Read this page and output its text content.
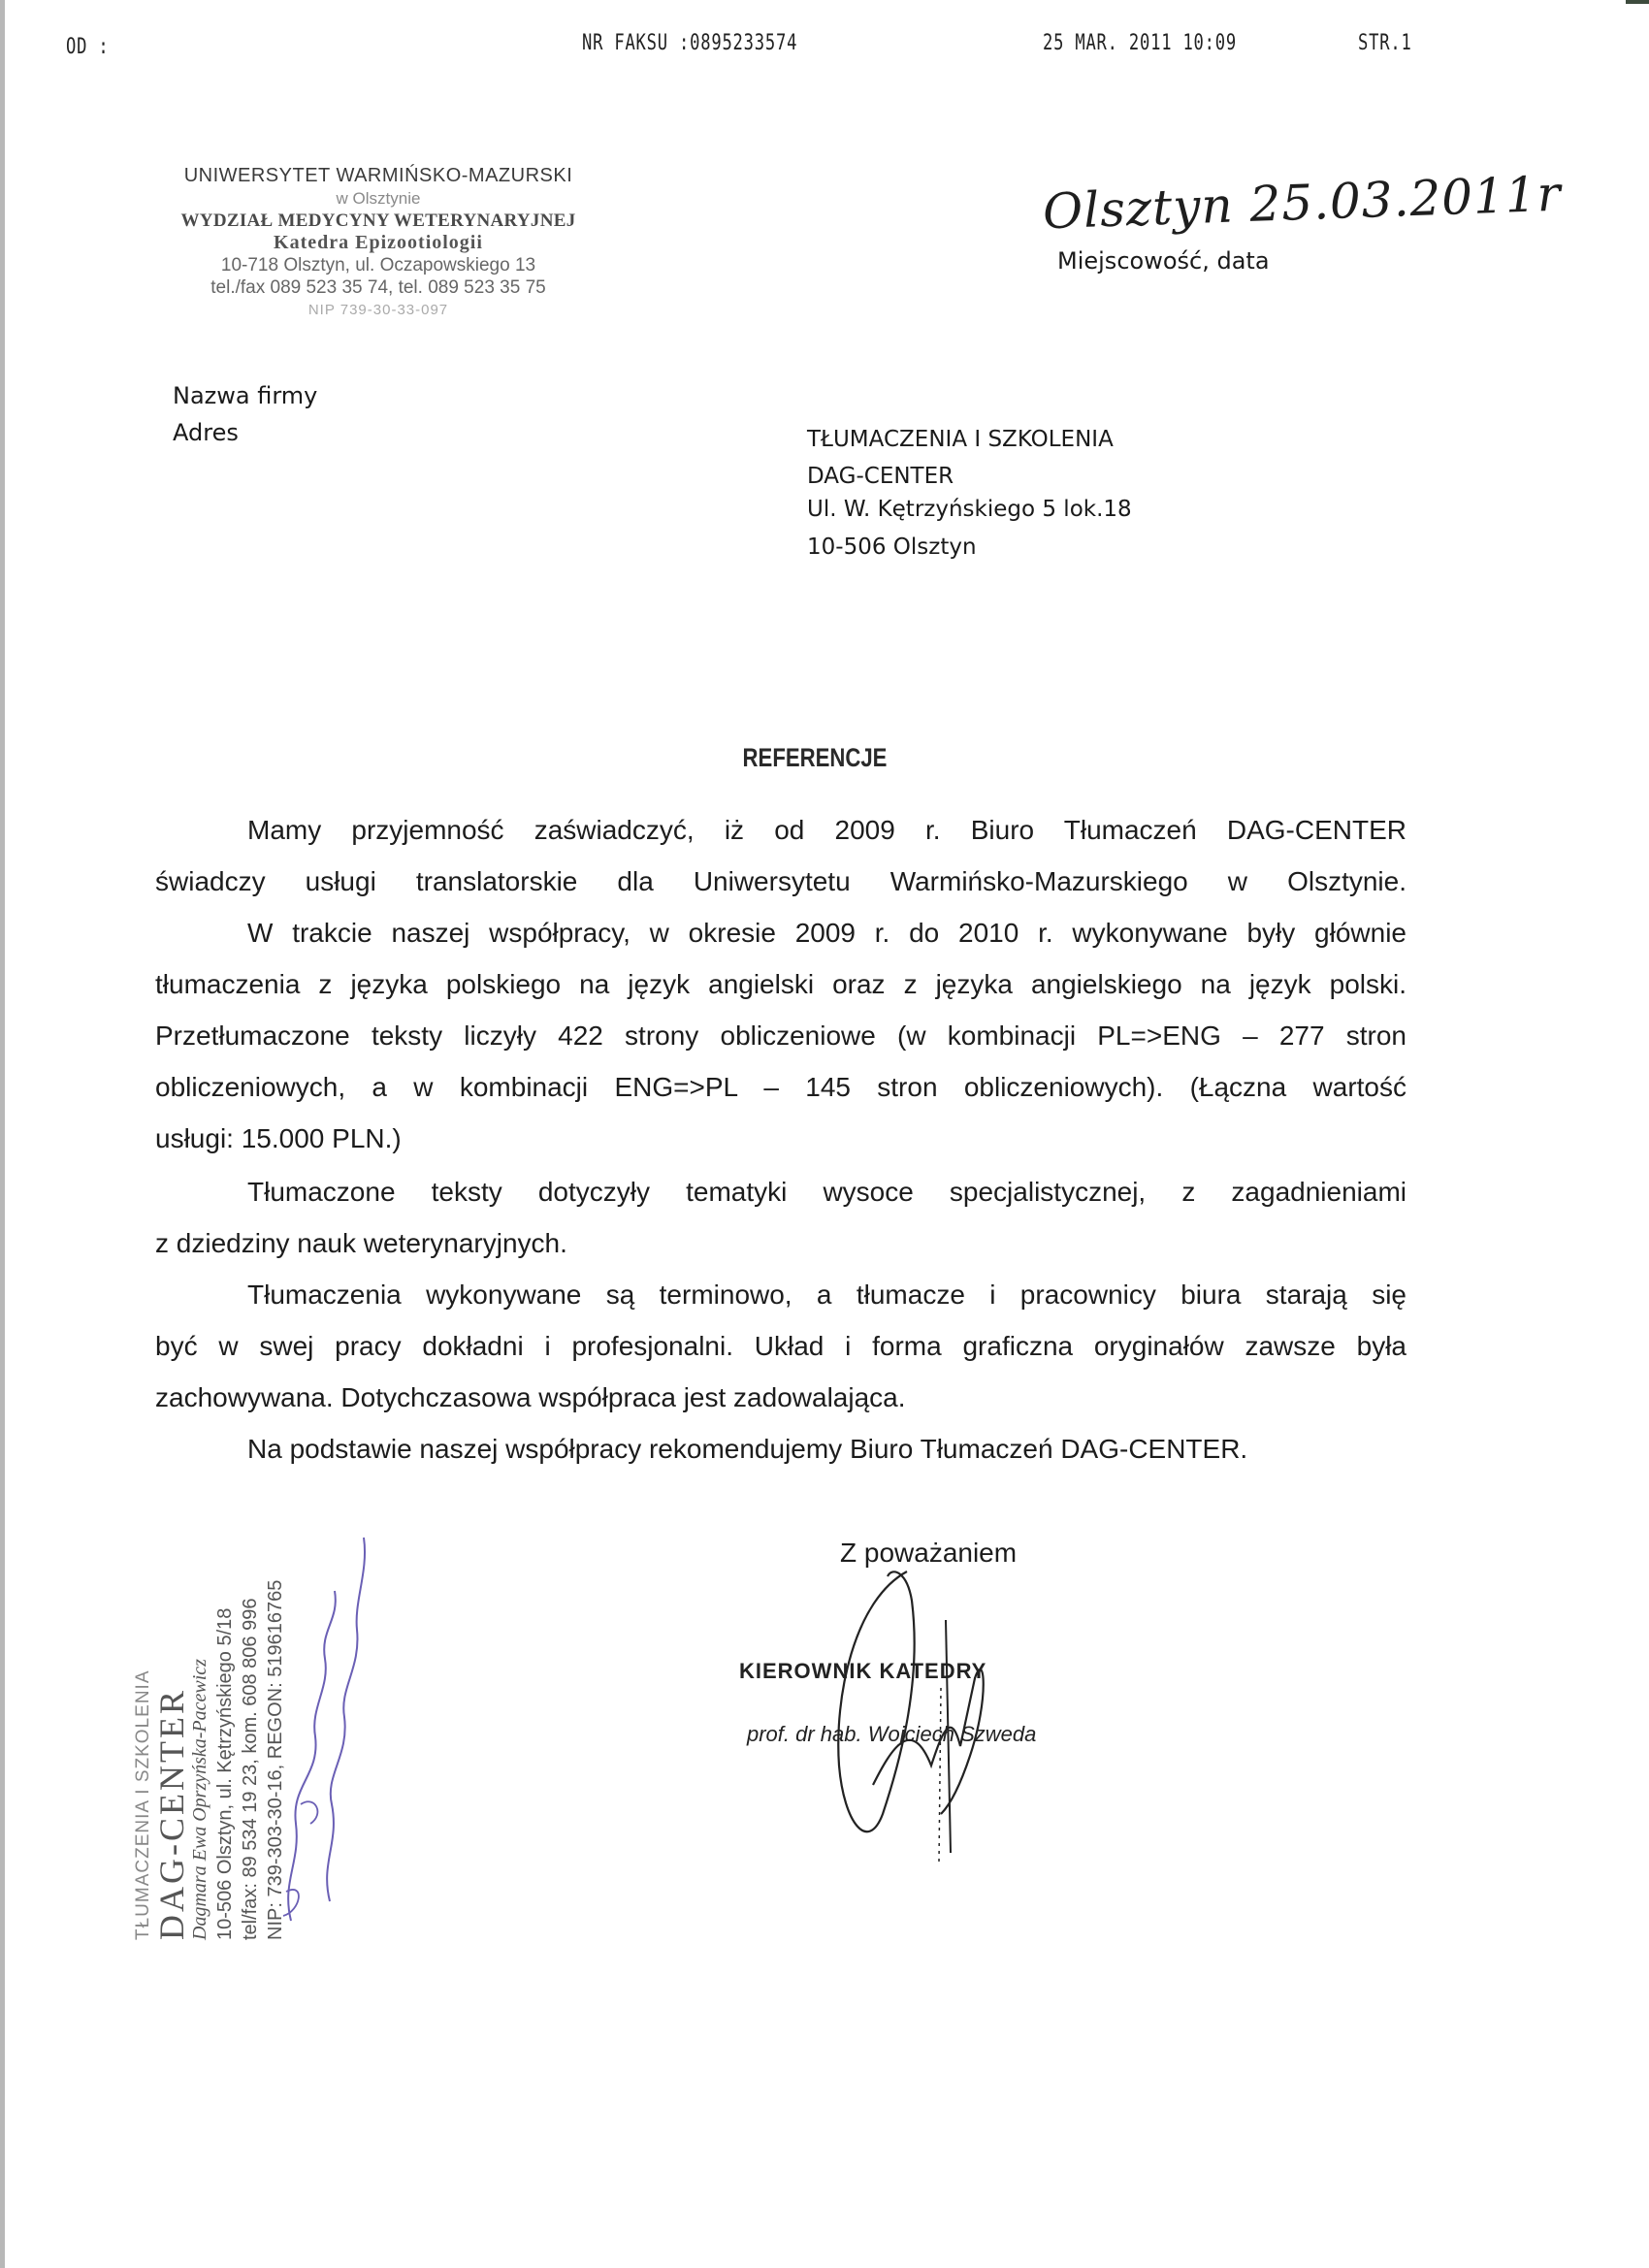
OD :	NR FAKSU :0895233574	25 MAR. 2011 10:09	STR.1
UNIWERSYTET WARMIŃSKO-MAZURSKI
w Olsztynie
WYDZIAŁ MEDYCYNY WETERYNARYJNEJ
Katedra Epizootiologii
10-718 Olsztyn, ul. Oczapowskiego 13
tel./fax 089 523 35 74, tel. 089 523 35 75
NIP 739-30-33-097
Olsztyn 25.03.2011r
Miejscowość, data
Nazwa firmy
Adres	TŁUMACZENIA I SZKOLENIA
DAG-CENTER
Ul. W. Kętrzyńskiego 5 lok.18
10-506 Olsztyn
REFERENCJE
Mamy przyjemność zaświadczyć, iż od 2009 r. Biuro Tłumaczeń DAG-CENTER
świadczy usługi translatorskie dla Uniwersytetu Warmińsko-Mazurskiego w Olsztynie.
W trakcie naszej współpracy, w okresie 2009 r. do 2010 r. wykonywane były głównie
tłumaczenia z języka polskiego na język angielski oraz z języka angielskiego na język polski.
Przetłumaczone teksty liczyły 422 strony obliczeniowe (w kombinacji PL=>ENG – 277 stron
obliczeniowych, a w kombinacji ENG=>PL – 145 stron obliczeniowych). (Łączna wartość
usługi: 15.000 PLN.)
Tłumaczone teksty dotyczyły tematyki wysoce specjalistycznej, z zagadnieniami
z dziedziny nauk weterynaryjnych.
Tłumaczenia wykonywane są terminowo, a tłumacze i pracownicy biura starają się
być w swej pracy dokładni i profesjonalni. Układ i forma graficzna oryginałów zawsze była
zachowywana. Dotychczasowa współpraca jest zadowalająca.
Na podstawie naszej współpracy rekomendujemy Biuro Tłumaczeń DAG-CENTER.
Z poważaniem
KIEROWNIK KATEDRY
prof. dr hab. Wojciech Szweda
TŁUMACZENIA I SZKOLENIA DAG-CENTER
Dagmara Ewa Oprzyńska-Pacewicz 10-506 Olsztyn, ul. Kętrzyńskiego 5/18 tel/fax: 89 534 19 23, kom. 608 806 996 NIP: 739-303-30-16, REGON: 519616765
